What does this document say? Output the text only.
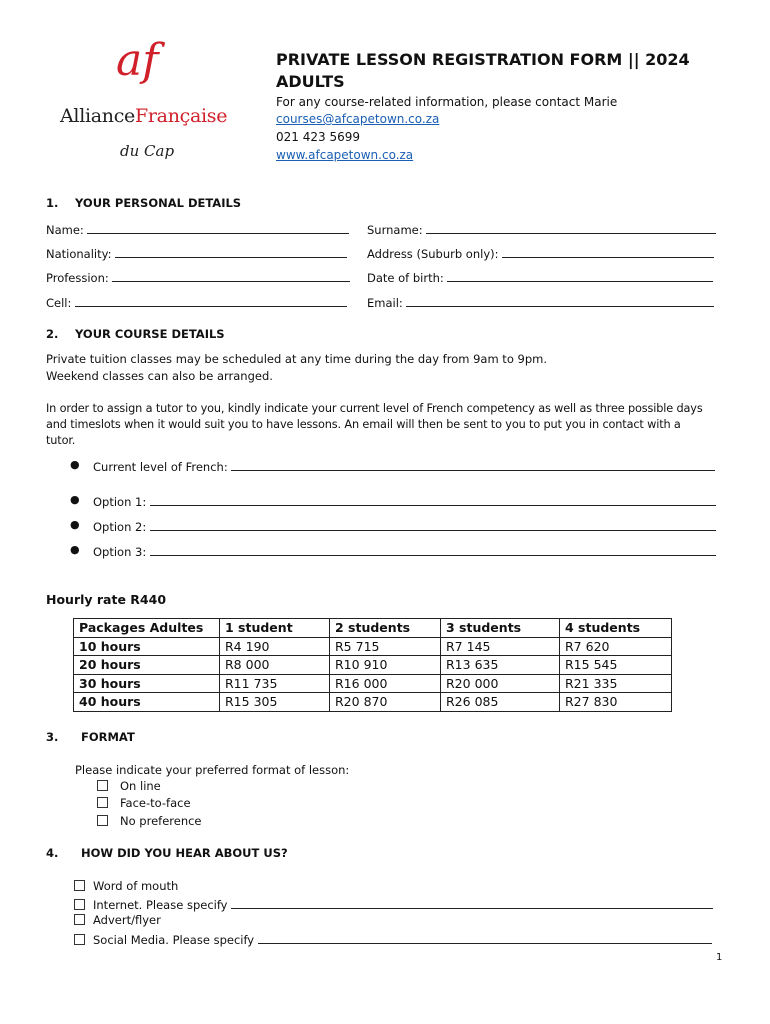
af
AllianceFrançaise
du Cap
PRIVATE LESSON REGISTRATION FORM || 2024
ADULTS
For any course-related information, please contact Marie
courses@afcapetown.co.za
021 423 5699
www.afcapetown.co.za
1. YOUR PERSONAL DETAILS
Name:	Surname:
Nationality:	Address (Suburb only):
Profession:	Date of birth:
Cell:	Email:
2. YOUR COURSE DETAILS
Private tuition classes may be scheduled at any time during the day from 9am to 9pm.
Weekend classes can also be arranged.
In order to assign a tutor to you, kindly indicate your current level of French competency as well as three possible days
and timeslots when it would suit you to have lessons. An email will then be sent to you to put you in contact with a
tutor.
● Current level of French:
● Option 1:
● Option 2:
● Option 3:
Hourly rate R440
Packages Adultes	1 student	2 students	3 students	4 students
10 hours	R4 190	R5 715	R7 145	R7 620
20 hours	R8 000	R10 910	R13 635	R15 545
30 hours	R11 735	R16 000	R20 000	R21 335
40 hours	R15 305	R20 870	R26 085	R27 830
3. FORMAT
Please indicate your preferred format of lesson:
On line
Face-to-face
No preference
4. HOW DID YOU HEAR ABOUT US?
Word of mouth
Internet. Please specify
Advert/flyer
Social Media. Please specify
1
